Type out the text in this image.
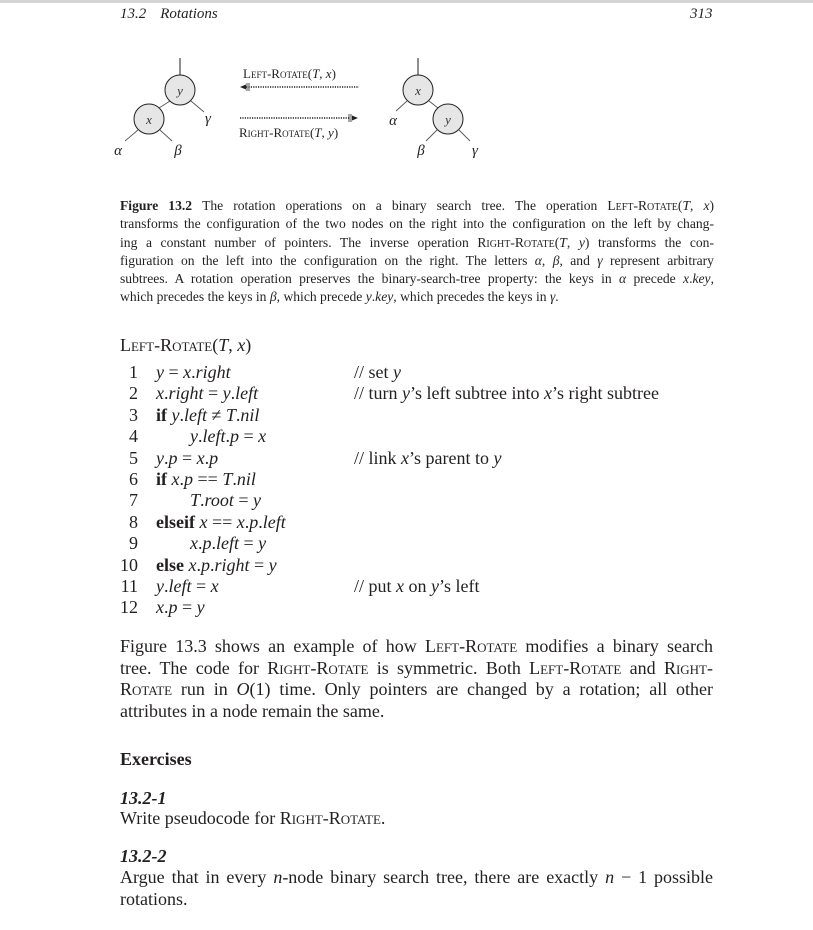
13.2 Rotations	313
y
x
α	β
γ
x
y
α
β	γ
Left-Rotate(T, x)
Right-Rotate(T, y)
Figure 13.2 The rotation operations on a binary search tree. The operation Left-Rotate(T, x)
transforms the configuration of the two nodes on the right into the configuration on the left by chang-
ing a constant number of pointers. The inverse operation Right-Rotate(T, y) transforms the con-
figuration on the left into the configuration on the right. The letters α, β, and γ represent arbitrary
subtrees. A rotation operation preserves the binary-search-tree property: the keys in α precede x.key,
which precedes the keys in β, which precede y.key, which precedes the keys in γ.
Left-Rotate(T, x)
1 y = x.right
2 x.right = y.left
3 if y.left ≠ T.nil
4	y.left.p = x
5 y.p = x.p
6 if x.p == T.nil
7	T.root = y
8 elseif x == x.p.left
9	x.p.left = y
10 else x.p.right = y
11 y.left = x
12 x.p = y
Figure 13.3 shows an example of how Left-Rotate modifies a binary search
tree. The code for Right-Rotate is symmetric. Both Left-Rotate and Right-
Rotate run in O(1) time. Only pointers are changed by a rotation; all other
attributes in a node remain the same.
Exercises
13.2-1
Write pseudocode for Right-Rotate.
13.2-2
Argue that in every n-node binary search tree, there are exactly n − 1 possible
rotations.
// set y
// turn y’s left subtree into x’s right subtree
// link x’s parent to y
// put x on y’s left
